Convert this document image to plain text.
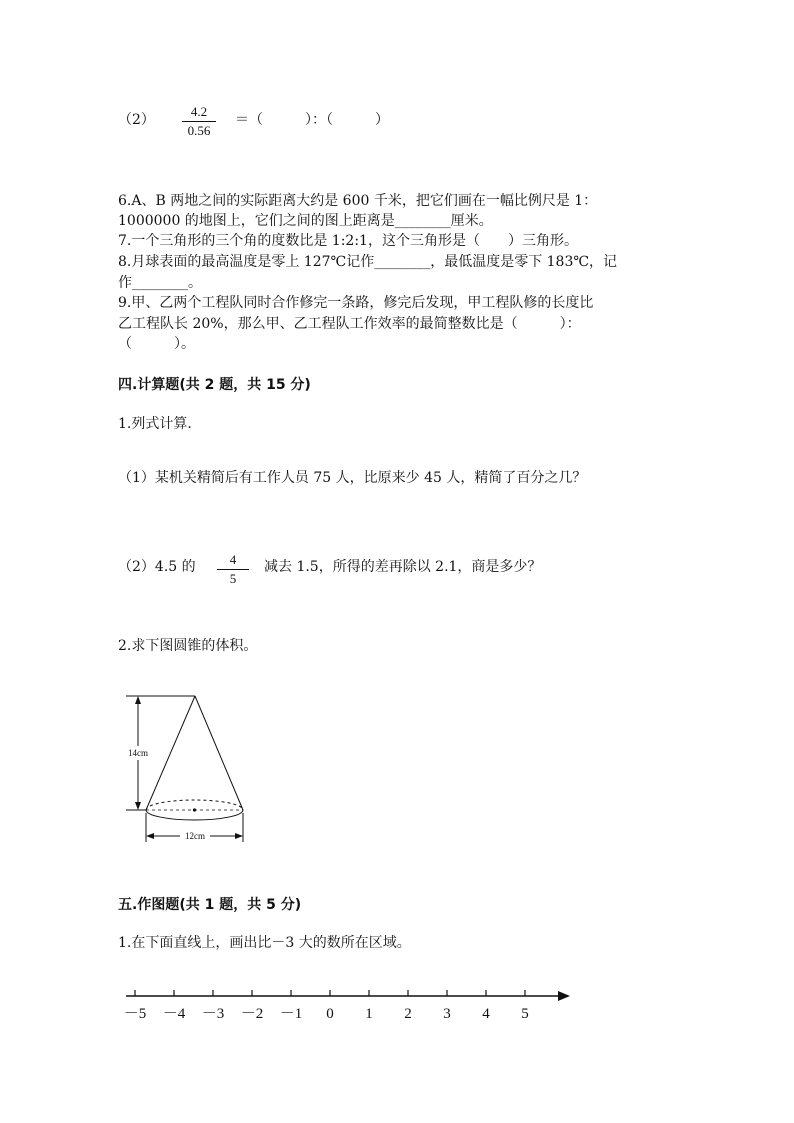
（2）
4.2
0.56
＝（　　　）：（　　　）
6.A、B 两地之间的实际距离大约是 600 千米，把它们画在一幅比例尺是 1：
1000000 的地图上，它们之间的图上距离是________厘米。
7.一个三角形的三个角的度数比是 1:2:1，这个三角形是（　　）三角形。
8.月球表面的最高温度是零上 127℃记作________，最低温度是零下 183℃，记
作________。
9.甲、乙两个工程队同时合作修完一条路，修完后发现，甲工程队修的长度比
乙工程队长 20%，那么甲、乙工程队工作效率的最简整数比是（　　　）：
（　　　）。
四.计算题(共 2 题，共 15 分)
1.列式计算.
（1）某机关精简后有工作人员 75 人，比原来少 45 人，精简了百分之几？
（2）4.5 的	4
5
减去 1.5，所得的差再除以 2.1，商是多少？
2.求下图圆锥的体积。
14cm
12cm
五.作图题(共 1 题，共 5 分)
1.在下面直线上，画出比－3 大的数所在区域。
－5 －4 －3 －2 －1 0 1 2 3 4 5
